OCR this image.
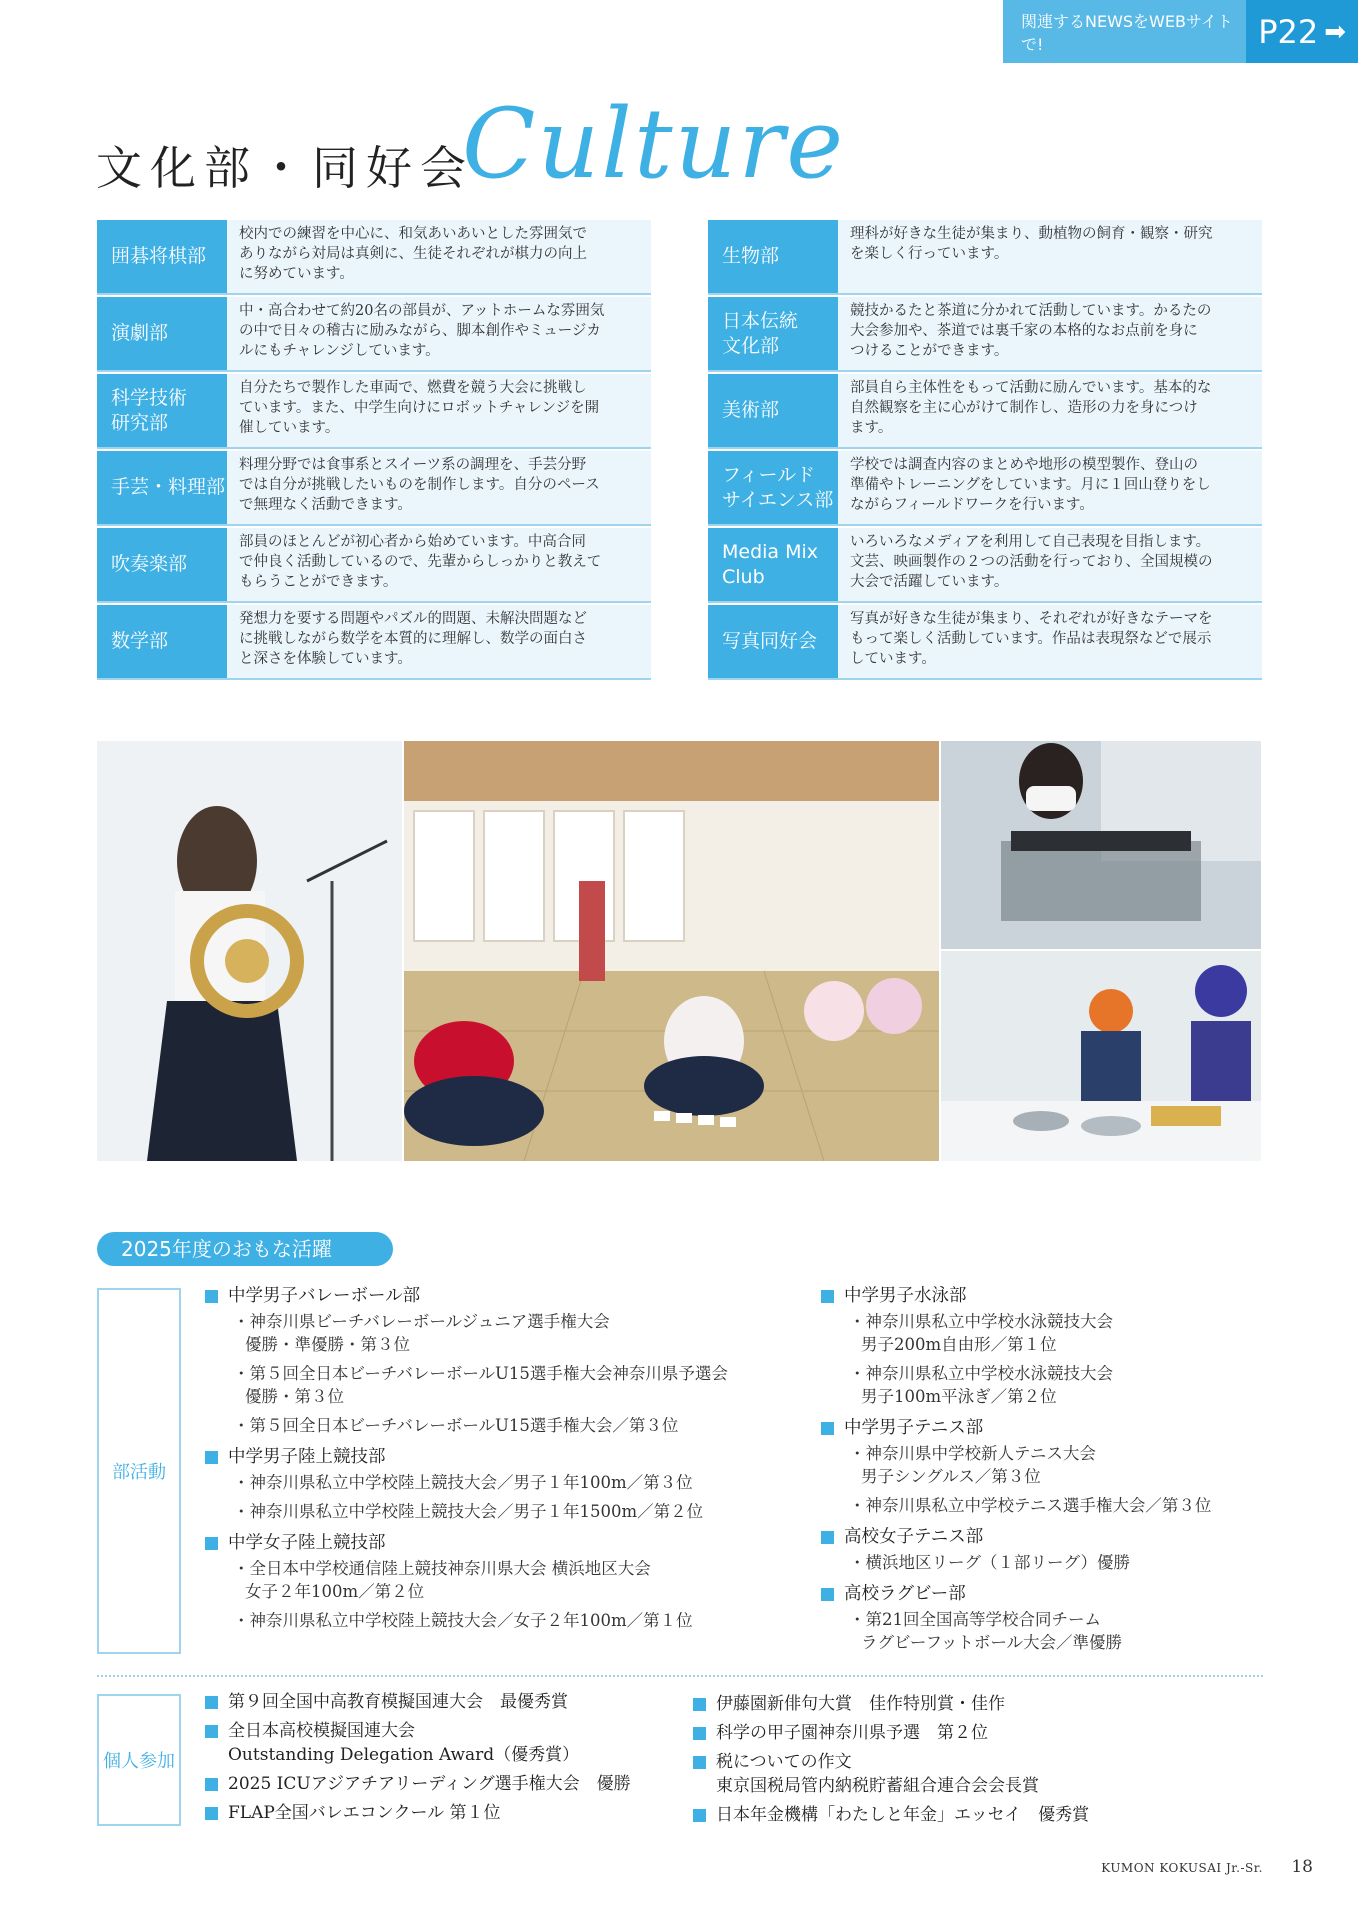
関連するNEWSをWEBサイトで!	P22 ➡
文化部・同好会
Culture
囲碁将棋部
校内での練習を中心に、和気あいあいとした雰囲気で
ありながら対局は真剣に、生徒それぞれが棋力の向上
に努めています。
演劇部
中・高合わせて約20名の部員が、アットホームな雰囲気
の中で日々の稽古に励みながら、脚本創作やミュージカ
ルにもチャレンジしています。
科学技術
研究部
自分たちで製作した車両で、燃費を競う大会に挑戦し
ています。また、中学生向けにロボットチャレンジを開
催しています。
手芸・料理部
料理分野では食事系とスイーツ系の調理を、手芸分野
では自分が挑戦したいものを制作します。自分のペース
で無理なく活動できます。
吹奏楽部
部員のほとんどが初心者から始めています。中高合同
で仲良く活動しているので、先輩からしっかりと教えて
もらうことができます。
数学部
発想力を要する問題やパズル的問題、未解決問題など
に挑戦しながら数学を本質的に理解し、数学の面白さ
と深さを体験しています。
生物部
理科が好きな生徒が集まり、動植物の飼育・観察・研究
を楽しく行っています。
日本伝統
文化部
競技かるたと茶道に分かれて活動しています。かるたの
大会参加や、茶道では裏千家の本格的なお点前を身に
つけることができます。
美術部
部員自ら主体性をもって活動に励んでいます。基本的な
自然観察を主に心がけて制作し、造形の力を身につけ
ます。
フィールド
サイエンス部
学校では調査内容のまとめや地形の模型製作、登山の
準備やトレーニングをしています。月に１回山登りをし
ながらフィールドワークを行います。
Media Mix
Club
いろいろなメディアを利用して自己表現を目指します。
文芸、映画製作の２つの活動を行っており、全国規模の
大会で活躍しています。
写真同好会
写真が好きな生徒が集まり、それぞれが好きなテーマを
もって楽しく活動しています。作品は表現祭などで展示
しています。
2025年度のおもな活躍
部活動
中学男子バレーボール部
・神奈川県ビーチバレーボールジュニア選手権大会
優勝・準優勝・第３位
・第５回全日本ビーチバレーボールU15選手権大会神奈川県予選会
優勝・第３位
・第５回全日本ビーチバレーボールU15選手権大会／第３位
中学男子陸上競技部
・神奈川県私立中学校陸上競技大会／男子１年100m／第３位
・神奈川県私立中学校陸上競技大会／男子１年1500m／第２位
中学女子陸上競技部
・全日本中学校通信陸上競技神奈川県大会 横浜地区大会
女子２年100m／第２位
・神奈川県私立中学校陸上競技大会／女子２年100m／第１位
中学男子水泳部
・神奈川県私立中学校水泳競技大会
男子200m自由形／第１位
・神奈川県私立中学校水泳競技大会
男子100m平泳ぎ／第２位
中学男子テニス部
・神奈川県中学校新人テニス大会
男子シングルス／第３位
・神奈川県私立中学校テニス選手権大会／第３位
高校女子テニス部
・横浜地区リーグ（１部リーグ）優勝
高校ラグビー部
・第21回全国高等学校合同チーム
ラグビーフットボール大会／準優勝
個人参加
第９回全国中高教育模擬国連大会　最優秀賞
全日本高校模擬国連大会
Outstanding Delegation Award（優秀賞）
2025 ICUアジアチアリーディング選手権大会　優勝
FLAP全国バレエコンクール 第１位
伊藤園新俳句大賞　佳作特別賞・佳作
科学の甲子園神奈川県予選　第２位
税についての作文
東京国税局管内納税貯蓄組合連合会会長賞
日本年金機構「わたしと年金」エッセイ　優秀賞
KUMON KOKUSAI Jr.-Sr. 18
